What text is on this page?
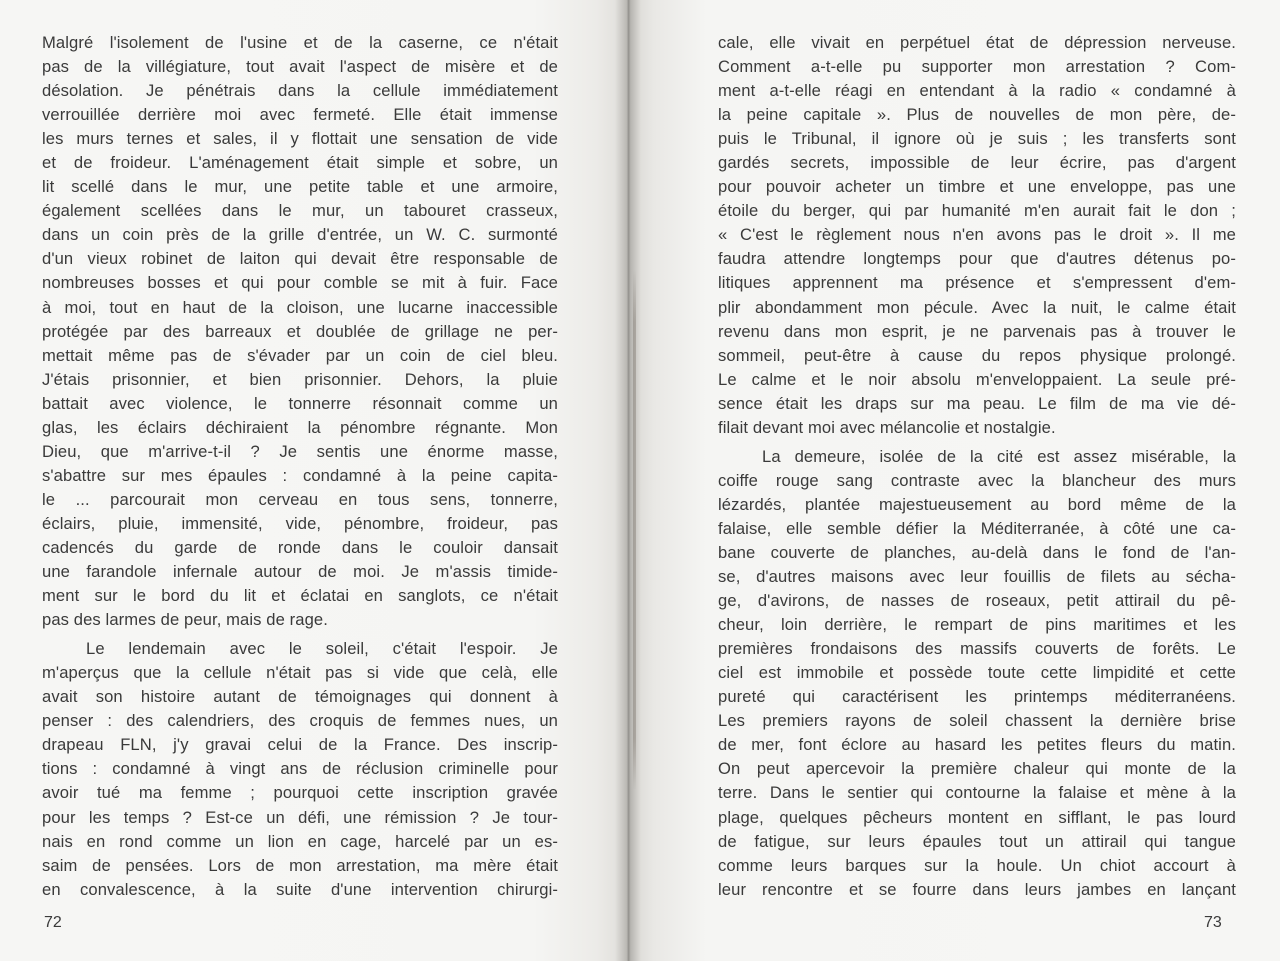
Malgré l'isolement de l'usine et de la caserne, ce n'était
pas de la villégiature, tout avait l'aspect de misère et de
désolation. Je pénétrais dans la cellule immédiatement
verrouillée derrière moi avec fermeté. Elle était immense
les murs ternes et sales, il y flottait une sensation de vide
et de froideur. L'aménagement était simple et sobre, un
lit scellé dans le mur, une petite table et une armoire,
également scellées dans le mur, un tabouret crasseux,
dans un coin près de la grille d'entrée, un W. C. surmonté
d'un vieux robinet de laiton qui devait être responsable de
nombreuses bosses et qui pour comble se mit à fuir. Face
à moi, tout en haut de la cloison, une lucarne inaccessible
protégée par des barreaux et doublée de grillage ne per-
mettait même pas de s'évader par un coin de ciel bleu.
J'étais prisonnier, et bien prisonnier. Dehors, la pluie
battait avec violence, le tonnerre résonnait comme un
glas, les éclairs déchiraient la pénombre régnante. Mon
Dieu, que m'arrive-t-il ? Je sentis une énorme masse,
s'abattre sur mes épaules : condamné à la peine capita-
le ... parcourait mon cerveau en tous sens, tonnerre,
éclairs, pluie, immensité, vide, pénombre, froideur, pas
cadencés du garde de ronde dans le couloir dansait
une farandole infernale autour de moi. Je m'assis timide-
ment sur le bord du lit et éclatai en sanglots, ce n'était
pas des larmes de peur, mais de rage.
Le lendemain avec le soleil, c'était l'espoir. Je
m'aperçus que la cellule n'était pas si vide que celà, elle
avait son histoire autant de témoignages qui donnent à
penser : des calendriers, des croquis de femmes nues, un
drapeau FLN, j'y gravai celui de la France. Des inscrip-
tions : condamné à vingt ans de réclusion criminelle pour
avoir tué ma femme ; pourquoi cette inscription gravée
pour les temps ? Est-ce un défi, une rémission ? Je tour-
nais en rond comme un lion en cage, harcelé par un es-
saim de pensées. Lors de mon arrestation, ma mère était
en convalescence, à la suite d'une intervention chirurgi-
72
cale, elle vivait en perpétuel état de dépression nerveuse.
Comment a-t-elle pu supporter mon arrestation ? Com-
ment a-t-elle réagi en entendant à la radio « condamné à
la peine capitale ». Plus de nouvelles de mon père, de-
puis le Tribunal, il ignore où je suis ; les transferts sont
gardés secrets, impossible de leur écrire, pas d'argent
pour pouvoir acheter un timbre et une enveloppe, pas une
étoile du berger, qui par humanité m'en aurait fait le don ;
« C'est le règlement nous n'en avons pas le droit ». Il me
faudra attendre longtemps pour que d'autres détenus po-
litiques apprennent ma présence et s'empressent d'em-
plir abondamment mon pécule. Avec la nuit, le calme était
revenu dans mon esprit, je ne parvenais pas à trouver le
sommeil, peut-être à cause du repos physique prolongé.
Le calme et le noir absolu m'enveloppaient. La seule pré-
sence était les draps sur ma peau. Le film de ma vie dé-
filait devant moi avec mélancolie et nostalgie.
La demeure, isolée de la cité est assez misérable, la
coiffe rouge sang contraste avec la blancheur des murs
lézardés, plantée majestueusement au bord même de la
falaise, elle semble défier la Méditerranée, à côté une ca-
bane couverte de planches, au-delà dans le fond de l'an-
se, d'autres maisons avec leur fouillis de filets au sécha-
ge, d'avirons, de nasses de roseaux, petit attirail du pê-
cheur, loin derrière, le rempart de pins maritimes et les
premières frondaisons des massifs couverts de forêts. Le
ciel est immobile et possède toute cette limpidité et cette
pureté qui caractérisent les printemps méditerranéens.
Les premiers rayons de soleil chassent la dernière brise
de mer, font éclore au hasard les petites fleurs du matin.
On peut apercevoir la première chaleur qui monte de la
terre. Dans le sentier qui contourne la falaise et mène à la
plage, quelques pêcheurs montent en sifflant, le pas lourd
de fatigue, sur leurs épaules tout un attirail qui tangue
comme leurs barques sur la houle. Un chiot accourt à
leur rencontre et se fourre dans leurs jambes en lançant
73
